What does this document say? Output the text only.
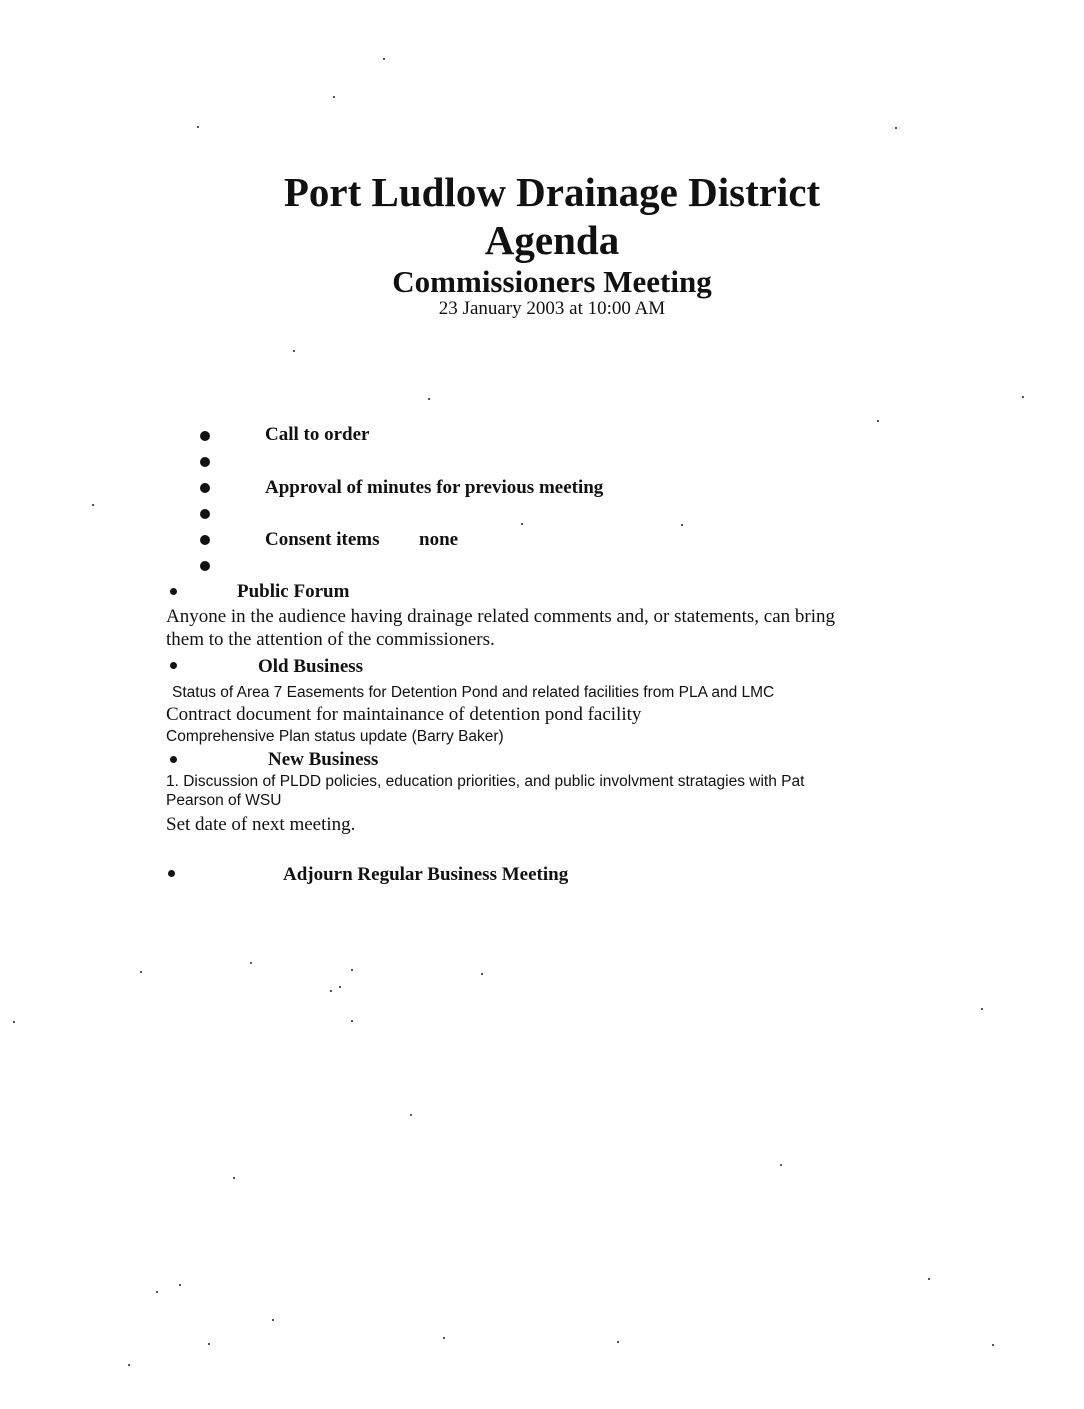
Port Ludlow Drainage District
Agenda
Commissioners Meeting
23 January 2003 at 10:00 AM
Call to order
Approval of minutes for previous meeting
Consent items none
Public Forum
Anyone in the audience having drainage related comments and, or statements, can bring
them to the attention of the commissioners.
Old Business
Status of Area 7 Easements for Detention Pond and related facilities from PLA and LMC
Contract document for maintainance of detention pond facility
Comprehensive Plan status update (Barry Baker)
New Business
1. Discussion of PLDD policies, education priorities, and public involvment stratagies with Pat
Pearson of WSU
Set date of next meeting.
Adjourn Regular Business Meeting
